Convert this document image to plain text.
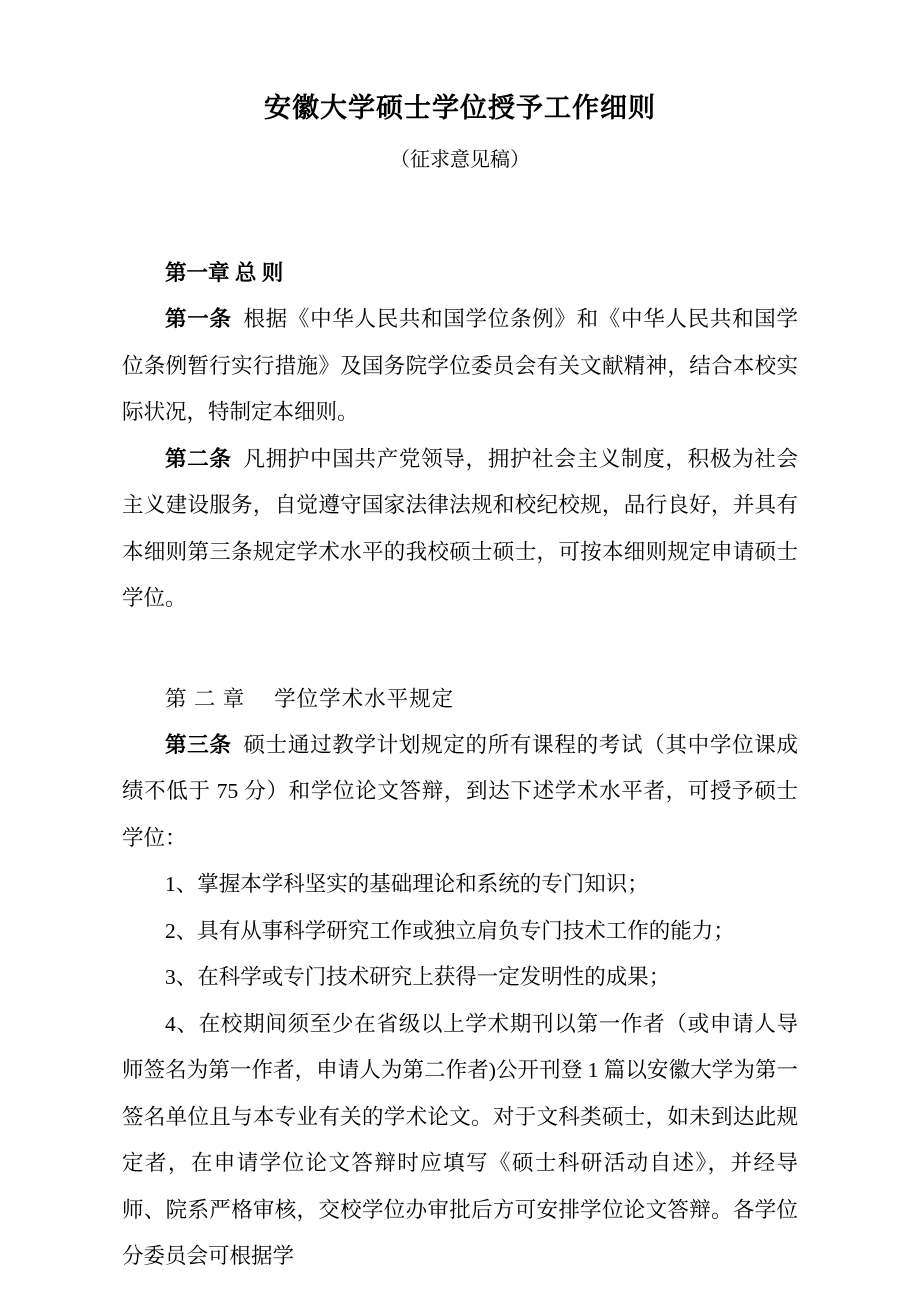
安徽大学硕士学位授予工作细则
（征求意见稿）
第一章 总 则

第一条 根据《中华人民共和国学位条例》和《中华人民共和国学位条例暂行实行措施》及国务院学位委员会有关文献精神，结合本校实际状况，特制定本细则。

第二条 凡拥护中国共产党领导，拥护社会主义制度，积极为社会主义建设服务，自觉遵守国家法律法规和校纪校规，品行良好，并具有本细则第三条规定学术水平的我校硕士硕士，可按本细则规定申请硕士学位。

第 二 章　 学位学术水平规定

第三条 硕士通过教学计划规定的所有课程的考试（其中学位课成绩不低于 75 分）和学位论文答辩，到达下述学术水平者，可授予硕士学位：

1、掌握本学科坚实的基础理论和系统的专门知识；

2、具有从事科学研究工作或独立肩负专门技术工作的能力；

3、在科学或专门技术研究上获得一定发明性的成果；

4、在校期间须至少在省级以上学术期刊以第一作者（或申请人导师签名为第一作者，申请人为第二作者)公开刊登 1 篇以安徽大学为第一签名单位且与本专业有关的学术论文。对于文科类硕士，如未到达此规定者，在申请学位论文答辩时应填写《硕士科研活动自述》，并经导师、院系严格审核，交校学位办审批后方可安排学位论文答辩。各学位分委员会可根据学
